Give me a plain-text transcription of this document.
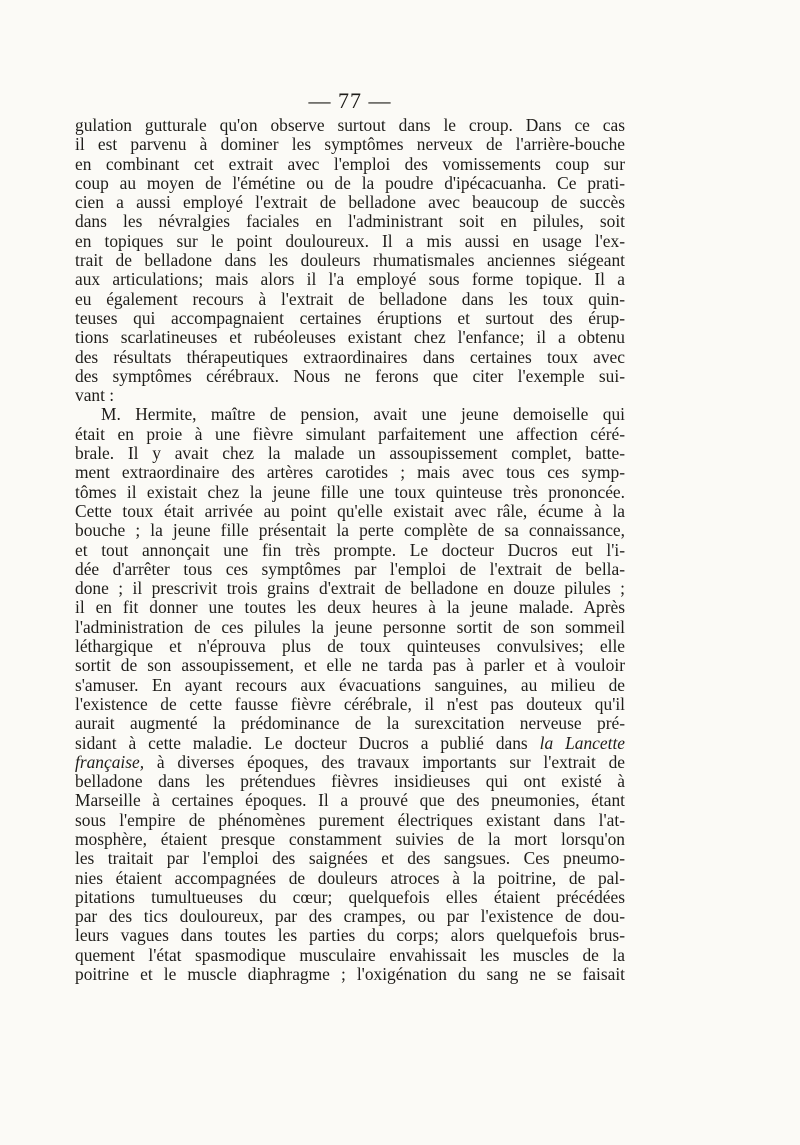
— 77 —
gulation gutturale qu'on observe surtout dans le croup. Dans ce cas
il est parvenu à dominer les symptômes nerveux de l'arrière-bouche
en combinant cet extrait avec l'emploi des vomissements coup sur
coup au moyen de l'émétine ou de la poudre d'ipécacuanha. Ce prati-
cien a aussi employé l'extrait de belladone avec beaucoup de succès
dans les névralgies faciales en l'administrant soit en pilules, soit
en topiques sur le point douloureux. Il a mis aussi en usage l'ex-
trait de belladone dans les douleurs rhumatismales anciennes siégeant
aux articulations; mais alors il l'a employé sous forme topique. Il a
eu également recours à l'extrait de belladone dans les toux quin-
teuses qui accompagnaient certaines éruptions et surtout des érup-
tions scarlatineuses et rubéoleuses existant chez l'enfance; il a obtenu
des résultats thérapeutiques extraordinaires dans certaines toux avec
des symptômes cérébraux. Nous ne ferons que citer l'exemple sui-
vant :
M. Hermite, maître de pension, avait une jeune demoiselle qui
était en proie à une fièvre simulant parfaitement une affection céré-
brale. Il y avait chez la malade un assoupissement complet, batte-
ment extraordinaire des artères carotides ; mais avec tous ces symp-
tômes il existait chez la jeune fille une toux quinteuse très prononcée.
Cette toux était arrivée au point qu'elle existait avec râle, écume à la
bouche ; la jeune fille présentait la perte complète de sa connaissance,
et tout annonçait une fin très prompte. Le docteur Ducros eut l'i-
dée d'arrêter tous ces symptômes par l'emploi de l'extrait de bella-
done ; il prescrivit trois grains d'extrait de belladone en douze pilules ;
il en fit donner une toutes les deux heures à la jeune malade. Après
l'administration de ces pilules la jeune personne sortit de son sommeil
léthargique et n'éprouva plus de toux quinteuses convulsives; elle
sortit de son assoupissement, et elle ne tarda pas à parler et à vouloir
s'amuser. En ayant recours aux évacuations sanguines, au milieu de
l'existence de cette fausse fièvre cérébrale, il n'est pas douteux qu'il
aurait augmenté la prédominance de la surexcitation nerveuse pré-
sidant à cette maladie. Le docteur Ducros a publié dans la Lancette
française, à diverses époques, des travaux importants sur l'extrait de
belladone dans les prétendues fièvres insidieuses qui ont existé à
Marseille à certaines époques. Il a prouvé que des pneumonies, étant
sous l'empire de phénomènes purement électriques existant dans l'at-
mosphère, étaient presque constamment suivies de la mort lorsqu'on
les traitait par l'emploi des saignées et des sangsues. Ces pneumo-
nies étaient accompagnées de douleurs atroces à la poitrine, de pal-
pitations tumultueuses du cœur; quelquefois elles étaient précédées
par des tics douloureux, par des crampes, ou par l'existence de dou-
leurs vagues dans toutes les parties du corps; alors quelquefois brus-
quement l'état spasmodique musculaire envahissait les muscles de la
poitrine et le muscle diaphragme ; l'oxigénation du sang ne se faisait
